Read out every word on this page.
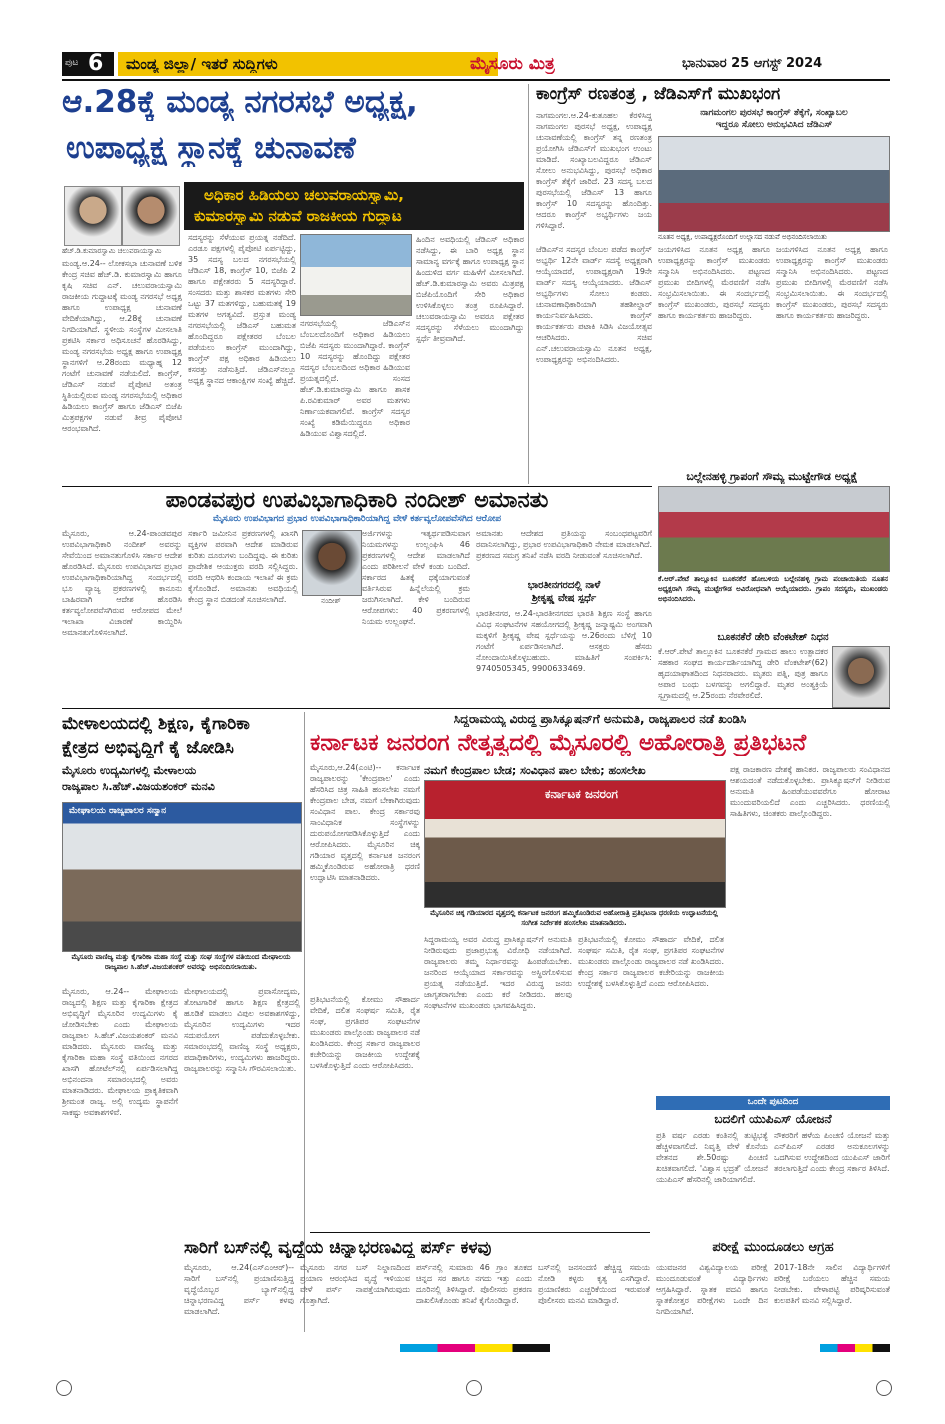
ಪುಟ 6 ಮಂಡ್ಯ ಜಿಲ್ಲಾ/ ಇತರೆ ಸುದ್ದಿಗಳು	ಮೈಸೂರು ಮಿತ್ರ	ಭಾನುವಾರ 25 ಆಗಸ್ಟ್ 2024
ಆ.28ಕ್ಕೆ ಮಂಡ್ಯ ನಗರಸಭೆ ಅಧ್ಯಕ್ಷ,
ಉಪಾಧ್ಯಕ್ಷ ಸ್ಥಾನಕ್ಕೆ ಚುನಾವಣೆ
ಅಧಿಕಾರ ಹಿಡಿಯಲು ಚಲುವರಾಯಸ್ವಾಮಿ,
ಕುಮಾರಸ್ವಾಮಿ ನಡುವೆ ರಾಜಕೀಯ ಗುದ್ದಾಟ
ಹೆಚ್.ಡಿ.ಕುಮಾರಸ್ವಾಮಿ ಚಲುವರಾಯಸ್ವಾಮಿ
ಮಂಡ್ಯ.ಆ.24-- ಲೋಕಸಭಾ ಚುನಾವಣೆ ಬಳಿಕ ಕೇಂದ್ರ ಸಚಿವ ಹೆಚ್.ಡಿ. ಕುಮಾರಸ್ವಾಮಿ ಹಾಗೂ ಕೃಷಿ ಸಚಿವ ಎನ್. ಚಲುವರಾಯಸ್ವಾಮಿ ರಾಜಕೀಯ ಗುದ್ದಾಟಕ್ಕೆ ಮಂಡ್ಯ ನಗರಸಭೆ ಅಧ್ಯಕ್ಷ ಹಾಗೂ ಉಪಾಧ್ಯಕ್ಷ ಚುನಾವಣೆ ವೇದಿಕೆಯಾಗಿದ್ದು, ಆ.28ಕ್ಕೆ ಚುನಾವಣೆ ನಿಗದಿಯಾಗಿದೆ. ಸ್ಥಳೀಯ ಸಂಸ್ಥೆಗಳ ಮೀಸಲಾತಿ ಪ್ರಕಟಿಸಿ ಸರ್ಕಾರ ಅಧಿಸೂಚನೆ ಹೊರಡಿಸಿದ್ದು, ಮಂಡ್ಯ ನಗರಸಭೆಯ ಅಧ್ಯಕ್ಷ ಹಾಗೂ ಉಪಾಧ್ಯಕ್ಷ ಸ್ಥಾನಗಳಿಗೆ ಆ.28ರಂದು ಮಧ್ಯಾಹ್ನ 12 ಗಂಟೆಗೆ ಚುನಾವಣೆ ನಡೆಯಲಿದೆ. ಕಾಂಗ್ರೆಸ್, ಜೆಡಿಎಸ್ ನಡುವೆ ಪೈಪೋಟಿ ಅತಂತ್ರ ಸ್ಥಿತಿಯಲ್ಲಿರುವ ಮಂಡ್ಯ ನಗರಸಭೆಯಲ್ಲಿ ಅಧಿಕಾರ ಹಿಡಿಯಲು ಕಾಂಗ್ರೆಸ್ ಹಾಗೂ ಜೆಡಿಎಸ್ ಬಿಜೆಪಿ ಮಿತ್ರಪಕ್ಷಗಳ ನಡುವೆ ತೀವ್ರ ಪೈಪೋಟಿ ಆರಂಭವಾಗಿದೆ.
ಸದಸ್ಯರನ್ನು ಸೆಳೆಯುವ ಪ್ರಯತ್ನ ನಡೆದಿದೆ. ಎರಡೂ ಪಕ್ಷಗಳಲ್ಲಿ ಪೈಪೋಟಿ ಏರ್ಪಟ್ಟಿದ್ದು, 35 ಸದಸ್ಯ ಬಲದ ನಗರಸಭೆಯಲ್ಲಿ ಜೆಡಿಎಸ್ 18, ಕಾಂಗ್ರೆಸ್ 10, ಬಿಜೆಪಿ 2 ಹಾಗೂ ಪಕ್ಷೇತರರು 5 ಸದಸ್ಯರಿದ್ದಾರೆ. ಸಂಸದರು ಮತ್ತು ಶಾಸಕರ ಮತಗಳು ಸೇರಿ ಒಟ್ಟು 37 ಮತಗಳಿದ್ದು, ಬಹುಮತಕ್ಕೆ 19 ಮತಗಳ ಅಗತ್ಯವಿದೆ. ಪ್ರಸ್ತುತ ಮಂಡ್ಯ ನಗರಸಭೆಯಲ್ಲಿ ಜೆಡಿಎಸ್ ಬಹುಮತ ಹೊಂದಿದ್ದರೂ ಪಕ್ಷೇತರರ ಬೆಂಬಲ ಪಡೆಯಲು ಕಾಂಗ್ರೆಸ್ ಮುಂದಾಗಿದ್ದು, ಕಾಂಗ್ರೆಸ್ ಪಕ್ಷ ಅಧಿಕಾರ ಹಿಡಿಯಲು ಕಸರತ್ತು ನಡೆಸುತ್ತಿದೆ. ಜೆಡಿಎಸ್‌ನಲ್ಲೂ ಅಧ್ಯಕ್ಷ ಸ್ಥಾನದ ಆಕಾಂಕ್ಷಿಗಳ ಸಂಖ್ಯೆ ಹೆಚ್ಚಿದೆ.
ನಗರಸಭೆಯಲ್ಲಿ ಜೆಡಿಎಸ್‌ನ ಬೆಂಬಲದೊಂದಿಗೆ ಅಧಿಕಾರ ಹಿಡಿಯಲು ಬಿಜೆಪಿ ಸದಸ್ಯರು ಮುಂದಾಗಿದ್ದಾರೆ. ಕಾಂಗ್ರೆಸ್ 10 ಸದಸ್ಯರನ್ನು ಹೊಂದಿದ್ದು ಪಕ್ಷೇತರ ಸದಸ್ಯರ ಬೆಂಬಲದಿಂದ ಅಧಿಕಾರ ಹಿಡಿಯುವ ಪ್ರಯತ್ನದಲ್ಲಿದೆ. ಸಂಸದ ಹೆಚ್.ಡಿ.ಕುಮಾರಸ್ವಾಮಿ ಹಾಗೂ ಶಾಸಕ ಪಿ.ರವಿಕುಮಾರ್ ಅವರ ಮತಗಳು ನಿರ್ಣಾಯಕವಾಗಲಿವೆ. ಕಾಂಗ್ರೆಸ್ ಸದಸ್ಯರ ಸಂಖ್ಯೆ ಕಡಿಮೆಯಿದ್ದರೂ ಅಧಿಕಾರ ಹಿಡಿಯುವ ವಿಶ್ವಾಸದಲ್ಲಿದೆ.
ಹಿಂದಿನ ಅವಧಿಯಲ್ಲಿ ಜೆಡಿಎಸ್ ಅಧಿಕಾರ ನಡೆಸಿದ್ದು, ಈ ಬಾರಿ ಅಧ್ಯಕ್ಷ ಸ್ಥಾನ ಸಾಮಾನ್ಯ ವರ್ಗಕ್ಕೆ ಹಾಗೂ ಉಪಾಧ್ಯಕ್ಷ ಸ್ಥಾನ ಹಿಂದುಳಿದ ವರ್ಗ ಮಹಿಳೆಗೆ ಮೀಸಲಾಗಿದೆ. ಹೆಚ್.ಡಿ.ಕುಮಾರಸ್ವಾಮಿ ಅವರು ಮಿತ್ರಪಕ್ಷ ಬಿಜೆಪಿಯೊಂದಿಗೆ ಸೇರಿ ಅಧಿಕಾರ ಉಳಿಸಿಕೊಳ್ಳಲು ತಂತ್ರ ರೂಪಿಸಿದ್ದಾರೆ. ಚಲುವರಾಯಸ್ವಾಮಿ ಅವರೂ ಪಕ್ಷೇತರ ಸದಸ್ಯರನ್ನು ಸೆಳೆಯಲು ಮುಂದಾಗಿದ್ದು ಸ್ಪರ್ಧೆ ತೀವ್ರವಾಗಿದೆ.
ಕಾಂಗ್ರೆಸ್ ರಣತಂತ್ರ , ಜೆಡಿಎಸ್‌ಗೆ ಮುಖಭಂಗ
ನಾಗಮಂಗಲ.ಆ.24-ಕುತೂಹಲ ಕೆರಳಿಸಿದ್ದ ನಾಗಮಂಗಲ ಪುರಸಭೆ ಅಧ್ಯಕ್ಷ, ಉಪಾಧ್ಯಕ್ಷ ಚುನಾವಣೆಯಲ್ಲಿ ಕಾಂಗ್ರೆಸ್ ತನ್ನ ರಣತಂತ್ರ ಪ್ರಯೋಗಿಸಿ ಜೆಡಿಎಸ್‌ಗೆ ಮುಖಭಂಗ ಉಂಟು ಮಾಡಿದೆ. ಸಂಖ್ಯಾಬಲವಿದ್ದರೂ ಜೆಡಿಎಸ್ ಸೋಲು ಅನುಭವಿಸಿದ್ದು, ಪುರಸಭೆ ಅಧಿಕಾರ ಕಾಂಗ್ರೆಸ್ ತೆಕ್ಕೆಗೆ ಜಾರಿದೆ. 23 ಸದಸ್ಯ ಬಲದ ಪುರಸಭೆಯಲ್ಲಿ ಜೆಡಿಎಸ್ 13 ಹಾಗೂ ಕಾಂಗ್ರೆಸ್ 10 ಸದಸ್ಯರನ್ನು ಹೊಂದಿತ್ತು. ಆದರೂ ಕಾಂಗ್ರೆಸ್ ಅಭ್ಯರ್ಥಿಗಳು ಜಯ ಗಳಿಸಿದ್ದಾರೆ.
ನಾಗಮಂಗಲ ಪುರಸಭೆ ಕಾಂಗ್ರೆಸ್ ತೆಕ್ಕೆಗೆ, ಸಂಖ್ಯಾಬಲ
ಇದ್ದರೂ ಸೋಲು ಅನುಭವಿಸಿದ ಜೆಡಿಎಸ್
ನೂತನ ಅಧ್ಯಕ್ಷ, ಉಪಾಧ್ಯಕ್ಷರೊಂದಿಗೆ ಉಲ್ಲಾಸದ ನಡುವೆ ಅಭಿನಂದಿಸಲಾಯಿತು
ಜೆಡಿಎಸ್‌ನ ಸದಸ್ಯರ ಬೆಂಬಲ ಪಡೆದ ಕಾಂಗ್ರೆಸ್ ಅಭ್ಯರ್ಥಿ 12ನೇ ವಾರ್ಡ್ ಸದಸ್ಯೆ ಅಧ್ಯಕ್ಷರಾಗಿ ಆಯ್ಕೆಯಾದರೆ, ಉಪಾಧ್ಯಕ್ಷರಾಗಿ 19ನೇ ವಾರ್ಡ್ ಸದಸ್ಯ ಆಯ್ಕೆಯಾದರು. ಜೆಡಿಎಸ್ ಅಭ್ಯರ್ಥಿಗಳು ಸೋಲು ಕಂಡರು. ಚುನಾವಣಾಧಿಕಾರಿಯಾಗಿ ತಹಶೀಲ್ದಾರ್ ಕಾರ್ಯನಿರ್ವಹಿಸಿದರು. ಕಾಂಗ್ರೆಸ್ ಕಾರ್ಯಕರ್ತರು ಪಟಾಕಿ ಸಿಡಿಸಿ ವಿಜಯೋತ್ಸವ ಆಚರಿಸಿದರು. ಸಚಿವ ಎನ್.ಚಲುವರಾಯಸ್ವಾಮಿ ನೂತನ ಅಧ್ಯಕ್ಷ, ಉಪಾಧ್ಯಕ್ಷರನ್ನು ಅಭಿನಂದಿಸಿದರು.
ಜಯಗಳಿಸಿದ ನೂತನ ಅಧ್ಯಕ್ಷ ಹಾಗೂ ಉಪಾಧ್ಯಕ್ಷರನ್ನು ಕಾಂಗ್ರೆಸ್ ಮುಖಂಡರು ಸನ್ಮಾನಿಸಿ ಅಭಿನಂದಿಸಿದರು. ಪಟ್ಟಣದ ಪ್ರಮುಖ ಬೀದಿಗಳಲ್ಲಿ ಮೆರವಣಿಗೆ ನಡೆಸಿ ಸಂಭ್ರಮಿಸಲಾಯಿತು. ಈ ಸಂದರ್ಭದಲ್ಲಿ ಕಾಂಗ್ರೆಸ್ ಮುಖಂಡರು, ಪುರಸಭೆ ಸದಸ್ಯರು ಹಾಗೂ ಕಾರ್ಯಕರ್ತರು ಹಾಜರಿದ್ದರು.
ಜಯಗಳಿಸಿದ ನೂತನ ಅಧ್ಯಕ್ಷ ಹಾಗೂ ಉಪಾಧ್ಯಕ್ಷರನ್ನು ಕಾಂಗ್ರೆಸ್ ಮುಖಂಡರು ಸನ್ಮಾನಿಸಿ ಅಭಿನಂದಿಸಿದರು. ಪಟ್ಟಣದ ಪ್ರಮುಖ ಬೀದಿಗಳಲ್ಲಿ ಮೆರವಣಿಗೆ ನಡೆಸಿ ಸಂಭ್ರಮಿಸಲಾಯಿತು. ಈ ಸಂದರ್ಭದಲ್ಲಿ ಕಾಂಗ್ರೆಸ್ ಮುಖಂಡರು, ಪುರಸಭೆ ಸದಸ್ಯರು ಹಾಗೂ ಕಾರ್ಯಕರ್ತರು ಹಾಜರಿದ್ದರು.
ಬಲ್ಲೇನಹಳ್ಳಿ ಗ್ರಾಪಂಗೆ ಸೌಮ್ಯ ಮುಟ್ಟೇಗೌಡ ಅಧ್ಯಕ್ಷೆ
ಕೆ.ಆರ್.ಪೇಟೆ ತಾಲ್ಲೂಕಿನ ಬೂಕನಕೆರೆ ಹೋಬಳಿಯ ಬಲ್ಲೇನಹಳ್ಳಿ ಗ್ರಾಮ ಪಂಚಾಯಿತಿಯ ನೂತನ ಅಧ್ಯಕ್ಷರಾಗಿ ಸೌಮ್ಯ ಮುಟ್ಟೇಗೌಡ ಅವಿರೋಧವಾಗಿ ಆಯ್ಕೆಯಾದರು. ಗ್ರಾಪಂ ಸದಸ್ಯರು, ಮುಖಂಡರು ಅಭಿನಂದಿಸಿದರು.
ಬೂಕನಕೆರೆ ಡೇರಿ ವೆಂಕಟೇಶ್ ನಿಧನ
ಕೆ.ಆರ್.ಪೇಟೆ ತಾಲ್ಲೂಕಿನ ಬೂಕನಕೆರೆ ಗ್ರಾಮದ ಹಾಲು ಉತ್ಪಾದಕರ ಸಹಕಾರ ಸಂಘದ ಕಾರ್ಯದರ್ಶಿಯಾಗಿದ್ದ ಡೇರಿ ವೆಂಕಟೇಶ್(62) ಹೃದಯಾಘಾತದಿಂದ ನಿಧನರಾದರು. ಮೃತರು ಪತ್ನಿ, ಪುತ್ರ ಹಾಗೂ ಅಪಾರ ಬಂಧು ಬಳಗವನ್ನು ಅಗಲಿದ್ದಾರೆ. ಮೃತರ ಅಂತ್ಯಕ್ರಿಯೆ ಸ್ವಗ್ರಾಮದಲ್ಲಿ ಆ.25ರಂದು ನೆರವೇರಲಿದೆ.
ಪಾಂಡವಪುರ ಉಪವಿಭಾಗಾಧಿಕಾರಿ ನಂದೀಶ್ ಅಮಾನತು
ಮೈಸೂರು ಉಪವಿಭಾಗದ ಪ್ರಭಾರ ಉಪವಿಭಾಗಾಧಿಕಾರಿಯಾಗಿದ್ದ ವೇಳೆ ಕರ್ತವ್ಯಲೋಪವೆಸಗಿದ ಆರೋಪ
ಮೈಸೂರು, ಆ.24-ಪಾಂಡವಪುರ ಉಪವಿಭಾಗಾಧಿಕಾರಿ ನಂದೀಶ್ ಅವರನ್ನು ಸೇವೆಯಿಂದ ಅಮಾನತುಗೊಳಿಸಿ ಸರ್ಕಾರ ಆದೇಶ ಹೊರಡಿಸಿದೆ. ಮೈಸೂರು ಉಪವಿಭಾಗದ ಪ್ರಭಾರ ಉಪವಿಭಾಗಾಧಿಕಾರಿಯಾಗಿದ್ದ ಸಂದರ್ಭದಲ್ಲಿ ಭೂ ವ್ಯಾಜ್ಯ ಪ್ರಕರಣಗಳಲ್ಲಿ ಕಾನೂನು ಬಾಹಿರವಾಗಿ ಆದೇಶ ಹೊರಡಿಸಿ ಕರ್ತವ್ಯಲೋಪವೆಸಗಿರುವ ಆರೋಪದ ಮೇಲೆ ಇಲಾಖಾ ವಿಚಾರಣೆ ಕಾಯ್ದಿರಿಸಿ ಅಮಾನತುಗೊಳಿಸಲಾಗಿದೆ.
ಸರ್ಕಾರಿ ಜಮೀನಿನ ಪ್ರಕರಣಗಳಲ್ಲಿ ಖಾಸಗಿ ವ್ಯಕ್ತಿಗಳ ಪರವಾಗಿ ಆದೇಶ ಮಾಡಿರುವ ಕುರಿತು ದೂರುಗಳು ಬಂದಿದ್ದವು. ಈ ಕುರಿತು ಪ್ರಾದೇಶಿಕ ಆಯುಕ್ತರು ವರದಿ ಸಲ್ಲಿಸಿದ್ದರು. ವರದಿ ಆಧರಿಸಿ ಕಂದಾಯ ಇಲಾಖೆ ಈ ಕ್ರಮ ಕೈಗೊಂಡಿದೆ. ಅಮಾನತು ಅವಧಿಯಲ್ಲಿ ಕೇಂದ್ರ ಸ್ಥಾನ ಬಿಡದಂತೆ ಸೂಚಿಸಲಾಗಿದೆ.	ನಂದೀಶ್
ಅರ್ಜಿಗಳನ್ನು ಇತ್ಯರ್ಥಪಡಿಸುವಾಗ ನಿಯಮಗಳನ್ನು ಉಲ್ಲಂಘಿಸಿ 46 ಪ್ರಕರಣಗಳಲ್ಲಿ ಆದೇಶ ಮಾಡಲಾಗಿದೆ ಎಂದು ಪರಿಶೀಲನೆ ವೇಳೆ ಕಂಡು ಬಂದಿದೆ. ಸರ್ಕಾರದ ಹಿತಕ್ಕೆ ಧಕ್ಕೆಯಾಗುವಂತೆ ವರ್ತಿಸಿರುವ ಹಿನ್ನೆಲೆಯಲ್ಲಿ ಕ್ರಮ ಜರುಗಿಸಲಾಗಿದೆ. ಕೇಳಿ ಬಂದಿರುವ ಆರೋಪಗಳು: 40 ಪ್ರಕರಣಗಳಲ್ಲಿ ನಿಯಮ ಉಲ್ಲಂಘನೆ.
ಅಮಾನತು ಆದೇಶದ ಪ್ರತಿಯನ್ನು ಸಂಬಂಧಪಟ್ಟವರಿಗೆ ರವಾನಿಸಲಾಗಿದ್ದು, ಪ್ರಭಾರ ಉಪವಿಭಾಗಾಧಿಕಾರಿ ನೇಮಕ ಮಾಡಲಾಗಿದೆ. ಪ್ರಕರಣದ ಸಮಗ್ರ ತನಿಖೆ ನಡೆಸಿ ವರದಿ ನೀಡುವಂತೆ ಸೂಚಿಸಲಾಗಿದೆ.
ಭಾರತೀನಗರದಲ್ಲಿ ನಾಳೆ
ಶ್ರೀಕೃಷ್ಣ ವೇಷ ಸ್ಪರ್ಧೆ
ಭಾರತೀನಗರ, ಆ.24-ಭಾರತೀನಗರದ ಭಾರತಿ ಶಿಕ್ಷಣ ಸಂಸ್ಥೆ ಹಾಗೂ ವಿವಿಧ ಸಂಘಟನೆಗಳ ಸಹಯೋಗದಲ್ಲಿ ಶ್ರೀಕೃಷ್ಣ ಜನ್ಮಾಷ್ಟಮಿ ಅಂಗವಾಗಿ ಮಕ್ಕಳಿಗೆ ಶ್ರೀಕೃಷ್ಣ ವೇಷ ಸ್ಪರ್ಧೆಯನ್ನು ಆ.26ರಂದು ಬೆಳಿಗ್ಗೆ 10 ಗಂಟೆಗೆ ಏರ್ಪಡಿಸಲಾಗಿದೆ. ಆಸಕ್ತರು ಹೆಸರು ನೋಂದಾಯಿಸಿಕೊಳ್ಳಬಹುದು. ಮಾಹಿತಿಗೆ ಸಂಪರ್ಕಿಸಿ: 9740505345, 9900633469.
ಮೇಳಾಲಯದಲ್ಲಿ ಶಿಕ್ಷಣ, ಕೈಗಾರಿಕಾ
ಕ್ಷೇತ್ರದ ಅಭಿವೃದ್ಧಿಗೆ ಕೈ ಜೋಡಿಸಿ
ಮೈಸೂರು ಉದ್ಯಮಿಗಳಲ್ಲಿ ಮೇಳಾಲಯ
ರಾಜ್ಯಪಾಲ ಸಿ.ಹೆಚ್.ವಿಜಯಶಂಕರ್ ಮನವಿ
ಮೇಘಾಲಯ ರಾಜ್ಯಪಾಲರ ಸನ್ಮಾನ
ಮೈಸೂರು ವಾಣಿಜ್ಯ ಮತ್ತು ಕೈಗಾರಿಕಾ ಮಹಾ ಸಂಸ್ಥೆ ಮತ್ತು ಸಂಘ ಸಂಸ್ಥೆಗಳ ವತಿಯಿಂದ ಮೇಘಾಲಯ ರಾಜ್ಯಪಾಲ ಸಿ.ಹೆಚ್.ವಿಜಯಶಂಕರ್ ಅವರನ್ನು ಅಭಿನಂದಿಸಲಾಯಿತು.
ಮೈಸೂರು, ಆ.24-- ಮೇಘಾಲಯ ರಾಜ್ಯದಲ್ಲಿ ಶಿಕ್ಷಣ ಮತ್ತು ಕೈಗಾರಿಕಾ ಕ್ಷೇತ್ರದ ಅಭಿವೃದ್ಧಿಗೆ ಮೈಸೂರಿನ ಉದ್ಯಮಿಗಳು ಕೈ ಜೋಡಿಸಬೇಕು ಎಂದು ಮೇಘಾಲಯ ರಾಜ್ಯಪಾಲ ಸಿ.ಹೆಚ್.ವಿಜಯಶಂಕರ್ ಮನವಿ ಮಾಡಿದರು. ಮೈಸೂರು ವಾಣಿಜ್ಯ ಮತ್ತು ಕೈಗಾರಿಕಾ ಮಹಾ ಸಂಸ್ಥೆ ವತಿಯಿಂದ ನಗರದ ಖಾಸಗಿ ಹೋಟೆಲ್‌ನಲ್ಲಿ ಏರ್ಪಡಿಸಲಾಗಿದ್ದ ಅಭಿನಂದನಾ ಸಮಾರಂಭದಲ್ಲಿ ಅವರು ಮಾತನಾಡಿದರು. ಮೇಘಾಲಯ ಪ್ರಾಕೃತಿಕವಾಗಿ ಶ್ರೀಮಂತ ರಾಜ್ಯ. ಅಲ್ಲಿ ಉದ್ಯಮ ಸ್ಥಾಪನೆಗೆ ಸಾಕಷ್ಟು ಅವಕಾಶಗಳಿವೆ.
ಮೇಘಾಲಯದಲ್ಲಿ ಪ್ರವಾಸೋದ್ಯಮ, ತೋಟಗಾರಿಕೆ ಹಾಗೂ ಶಿಕ್ಷಣ ಕ್ಷೇತ್ರದಲ್ಲಿ ಹೂಡಿಕೆ ಮಾಡಲು ವಿಪುಲ ಅವಕಾಶಗಳಿದ್ದು, ಮೈಸೂರಿನ ಉದ್ಯಮಿಗಳು ಇದರ ಸದುಪಯೋಗ ಪಡೆದುಕೊಳ್ಳಬೇಕು. ಸಮಾರಂಭದಲ್ಲಿ ವಾಣಿಜ್ಯ ಸಂಸ್ಥೆ ಅಧ್ಯಕ್ಷರು, ಪದಾಧಿಕಾರಿಗಳು, ಉದ್ಯಮಿಗಳು ಹಾಜರಿದ್ದರು. ರಾಜ್ಯಪಾಲರನ್ನು ಸನ್ಮಾನಿಸಿ ಗೌರವಿಸಲಾಯಿತು.
ಸಿದ್ದರಾಮಯ್ಯ ವಿರುದ್ಧ ಪ್ರಾಸಿಕ್ಯೂಷನ್‌ಗೆ ಅನುಮತಿ, ರಾಜ್ಯಪಾಲರ ನಡೆ ಖಂಡಿಸಿ
ಕರ್ನಾಟಕ ಜನರಂಗ ನೇತೃತ್ವದಲ್ಲಿ ಮೈಸೂರಲ್ಲಿ ಅಹೋರಾತ್ರಿ ಪ್ರತಿಭಟನೆ
ಮೈಸೂರು,ಆ.24(ಎಂಟಿ)-- ಕರ್ನಾಟಕ ರಾಜ್ಯಪಾಲರನ್ನು 'ಕೇಂದ್ರಪಾಲ' ಎಂದು ಹೆಸರಿಸಿದ ಚಿತ್ರ ಸಾಹಿತಿ ಹಂಸಲೇಖ ನಮಗೆ ಕೇಂದ್ರಪಾಲ ಬೇಡ, ನಮಗೆ ಬೇಕಾಗಿರುವುದು ಸಂವಿಧಾನ ಪಾಲ. ಕೇಂದ್ರ ಸರ್ಕಾರವು ಸಾಂವಿಧಾನಿಕ ಸಂಸ್ಥೆಗಳನ್ನು ದುರುಪಯೋಗಪಡಿಸಿಕೊಳ್ಳುತ್ತಿದೆ ಎಂದು ಆರೋಪಿಸಿದರು. ಮೈಸೂರಿನ ಚಿಕ್ಕ ಗಡಿಯಾರ ವೃತ್ತದಲ್ಲಿ ಕರ್ನಾಟಕ ಜನರಂಗ ಹಮ್ಮಿಕೊಂಡಿರುವ ಅಹೋರಾತ್ರಿ ಧರಣಿ ಉದ್ಘಾಟಿಸಿ ಮಾತನಾಡಿದರು.
ನಮಗೆ ಕೇಂದ್ರಪಾಲ ಬೇಡ; ಸಂವಿಧಾನ ಪಾಲ ಬೇಕು; ಹಂಸಲೇಖ
ಕರ್ನಾಟಕ ಜನರಂಗ
ಮೈಸೂರಿನ ಚಿಕ್ಕ ಗಡಿಯಾರದ ವೃತ್ತದಲ್ಲಿ ಕರ್ನಾಟಕ ಜನರಂಗ ಹಮ್ಮಿಕೊಂಡಿರುವ ಅಹೋರಾತ್ರಿ ಪ್ರತಿಭಟನಾ ಧರಣಿಯ ಉದ್ಘಾಟನೆಯಲ್ಲಿ ಸಂಗೀತ ನಿರ್ದೇಶಕ ಹಂಸಲೇಖ ಮಾತನಾಡಿದರು.
ಸಿದ್ದರಾಮಯ್ಯ ಅವರ ವಿರುದ್ಧ ಪ್ರಾಸಿಕ್ಯೂಷನ್‌ಗೆ ಅನುಮತಿ ನೀಡಿರುವುದು ಪ್ರಜಾಪ್ರಭುತ್ವ ವಿರೋಧಿ ನಡೆಯಾಗಿದೆ. ರಾಜ್ಯಪಾಲರು ತಮ್ಮ ನಿರ್ಧಾರವನ್ನು ಹಿಂಪಡೆಯಬೇಕು. ಜನರಿಂದ ಆಯ್ಕೆಯಾದ ಸರ್ಕಾರವನ್ನು ಅಸ್ಥಿರಗೊಳಿಸುವ ಪ್ರಯತ್ನ ನಡೆಯುತ್ತಿದೆ. ಇದರ ವಿರುದ್ಧ ಜನರು ಜಾಗೃತರಾಗಬೇಕು ಎಂದು ಕರೆ ನೀಡಿದರು. ಹಲವು ಸಂಘಟನೆಗಳ ಮುಖಂಡರು ಭಾಗವಹಿಸಿದ್ದರು.
ಪ್ರತಿಭಟನೆಯಲ್ಲಿ ಕೋಮು ಸೌಹಾರ್ದ ವೇದಿಕೆ, ದಲಿತ ಸಂಘರ್ಷ ಸಮಿತಿ, ರೈತ ಸಂಘ, ಪ್ರಗತಿಪರ ಸಂಘಟನೆಗಳ ಮುಖಂಡರು ಪಾಲ್ಗೊಂಡು ರಾಜ್ಯಪಾಲರ ನಡೆ ಖಂಡಿಸಿದರು. ಕೇಂದ್ರ ಸರ್ಕಾರ ರಾಜ್ಯಪಾಲರ ಕಚೇರಿಯನ್ನು ರಾಜಕೀಯ ಉದ್ದೇಶಕ್ಕೆ ಬಳಸಿಕೊಳ್ಳುತ್ತಿದೆ ಎಂದು ಆರೋಪಿಸಿದರು.
ಪಕ್ಷ ರಾಜಕಾರಣ ದೇಶಕ್ಕೆ ಹಾನಿಕರ. ರಾಜ್ಯಪಾಲರು ಸಂವಿಧಾನದ ಆಶಯದಂತೆ ನಡೆದುಕೊಳ್ಳಬೇಕು. ಪ್ರಾಸಿಕ್ಯೂಷನ್‌ಗೆ ನೀಡಿರುವ ಅನುಮತಿ ಹಿಂಪಡೆಯುವವರೆಗೂ ಹೋರಾಟ ಮುಂದುವರಿಯಲಿದೆ ಎಂದು ಎಚ್ಚರಿಸಿದರು. ಧರಣಿಯಲ್ಲಿ ಸಾಹಿತಿಗಳು, ಚಿಂತಕರು ಪಾಲ್ಗೊಂಡಿದ್ದರು.
ಪ್ರತಿಭಟನೆಯಲ್ಲಿ ಕೋಮು ಸೌಹಾರ್ದ ವೇದಿಕೆ, ದಲಿತ ಸಂಘರ್ಷ ಸಮಿತಿ, ರೈತ ಸಂಘ, ಪ್ರಗತಿಪರ ಸಂಘಟನೆಗಳ ಮುಖಂಡರು ಪಾಲ್ಗೊಂಡು ರಾಜ್ಯಪಾಲರ ನಡೆ ಖಂಡಿಸಿದರು. ಕೇಂದ್ರ ಸರ್ಕಾರ ರಾಜ್ಯಪಾಲರ ಕಚೇರಿಯನ್ನು ರಾಜಕೀಯ ಉದ್ದೇಶಕ್ಕೆ ಬಳಸಿಕೊಳ್ಳುತ್ತಿದೆ ಎಂದು ಆರೋಪಿಸಿದರು.
ಒಂದೇ ಪುಟದಿಂದ
ಬದಲಿಗೆ ಯುಪಿಎಸ್ ಯೋಜನೆ
ಪ್ರತಿ ವರ್ಷ ಎರಡು ಕಂತಿನಲ್ಲಿ ತುಟ್ಟಿಭತ್ಯೆ ಹೆಚ್ಚಳವಾಗಲಿದೆ. ನಿವೃತ್ತಿ ವೇಳೆ ಕೊನೆಯ ವೇತನದ ಶೇ.50ರಷ್ಟು ಪಿಂಚಣಿ ಖಚಿತವಾಗಲಿದೆ. 'ವಿಶ್ವಾಸ ಭದ್ರತೆ' ಯೋಜನೆ ಯುಪಿಎಸ್ ಹೆಸರಿನಲ್ಲಿ ಜಾರಿಯಾಗಲಿದೆ.
ನೌಕರರಿಗೆ ಹಳೆಯ ಪಿಂಚಣಿ ಯೋಜನೆ ಮತ್ತು ಎನ್‌ಪಿಎಸ್ ಎರಡರ ಅನುಕೂಲಗಳನ್ನು ಒದಗಿಸುವ ಉದ್ದೇಶದಿಂದ ಯುಪಿಎಸ್ ಜಾರಿಗೆ ತರಲಾಗುತ್ತಿದೆ ಎಂದು ಕೇಂದ್ರ ಸರ್ಕಾರ ತಿಳಿಸಿದೆ.
ಸಾರಿಗೆ ಬಸ್‌ನಲ್ಲಿ ವೃದ್ಧೆಯ ಚಿನ್ನಾಭರಣವಿದ್ದ ಪರ್ಸ್ ಕಳವು
ಮೈಸೂರು, ಆ.24(ಎಸ್‌ಎಂಆರ್)-- ಸಾರಿಗೆ ಬಸ್‌ನಲ್ಲಿ ಪ್ರಯಾಣಿಸುತ್ತಿದ್ದ ವೃದ್ಧೆಯೊಬ್ಬರ ಬ್ಯಾಗ್‌ನಲ್ಲಿದ್ದ ಚಿನ್ನಾಭರಣವಿದ್ದ ಪರ್ಸ್ ಕಳವು ಮಾಡಲಾಗಿದೆ.
ಮೈಸೂರು ನಗರ ಬಸ್ ನಿಲ್ದಾಣದಿಂದ ಪ್ರಯಾಣ ಆರಂಭಿಸಿದ ವೃದ್ಧೆ ಇಳಿಯುವ ವೇಳೆ ಪರ್ಸ್ ನಾಪತ್ತೆಯಾಗಿರುವುದು ಗೊತ್ತಾಗಿದೆ.
ಪರ್ಸ್‌ನಲ್ಲಿ ಸುಮಾರು 46 ಗ್ರಾಂ ತೂಕದ ಚಿನ್ನದ ಸರ ಹಾಗೂ ನಗದು ಇತ್ತು ಎಂದು ದೂರಿನಲ್ಲಿ ತಿಳಿಸಿದ್ದಾರೆ. ಪೊಲೀಸರು ಪ್ರಕರಣ ದಾಖಲಿಸಿಕೊಂಡು ತನಿಖೆ ಕೈಗೊಂಡಿದ್ದಾರೆ.
ಬಸ್‌ನಲ್ಲಿ ಜನಸಂದಣಿ ಹೆಚ್ಚಿದ್ದ ಸಮಯ ನೋಡಿ ಕಳ್ಳರು ಕೃತ್ಯ ಎಸಗಿದ್ದಾರೆ. ಪ್ರಯಾಣಿಕರು ಎಚ್ಚರಿಕೆಯಿಂದ ಇರುವಂತೆ ಪೊಲೀಸರು ಮನವಿ ಮಾಡಿದ್ದಾರೆ.
ಪರೀಕ್ಷೆ ಮುಂದೂಡಲು ಆಗ್ರಹ
ಯುವಜನರ ವಿಶ್ವವಿದ್ಯಾಲಯ ಪರೀಕ್ಷೆ ಮುಂದೂಡುವಂತೆ ವಿದ್ಯಾರ್ಥಿಗಳು ಆಗ್ರಹಿಸಿದ್ದಾರೆ. ಸ್ನಾತಕ ಪದವಿ ಹಾಗೂ ಸ್ನಾತಕೋತ್ತರ ಪರೀಕ್ಷೆಗಳು ಒಂದೇ ದಿನ ನಿಗದಿಯಾಗಿವೆ.
2017-18ನೇ ಸಾಲಿನ ವಿದ್ಯಾರ್ಥಿಗಳಿಗೆ ಪರೀಕ್ಷೆ ಬರೆಯಲು ಹೆಚ್ಚಿನ ಸಮಯ ನೀಡಬೇಕು. ವೇಳಾಪಟ್ಟಿ ಪರಿಷ್ಕರಿಸುವಂತೆ ಕುಲಪತಿಗೆ ಮನವಿ ಸಲ್ಲಿಸಿದ್ದಾರೆ.
